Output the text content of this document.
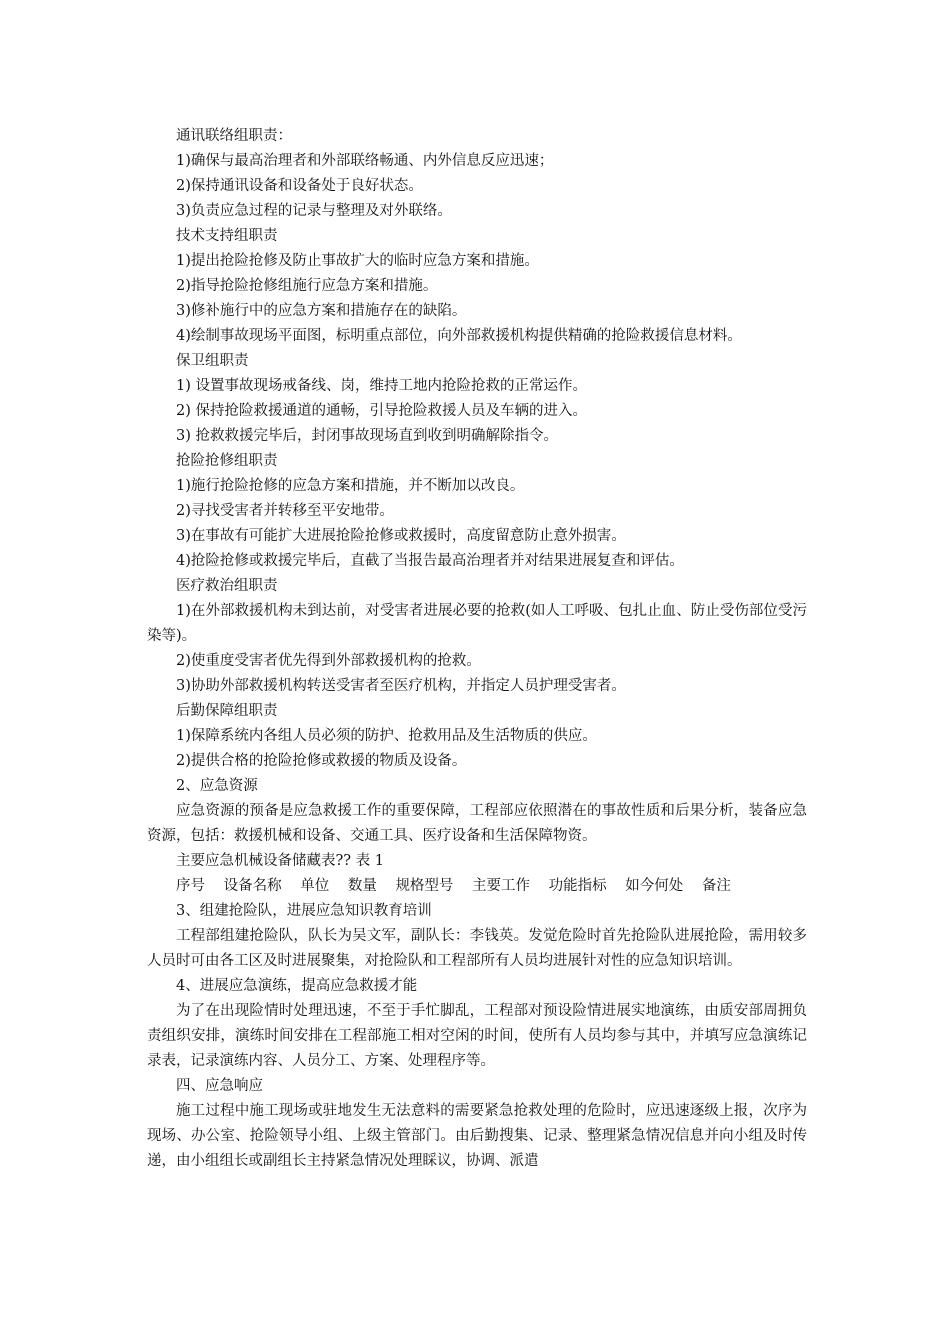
通讯联络组职责：

1)确保与最高治理者和外部联络畅通、内外信息反应迅速；

2)保持通讯设备和设备处于良好状态。

3)负责应急过程的记录与整理及对外联络。

技术支持组职责

1)提出抢险抢修及防止事故扩大的临时应急方案和措施。

2)指导抢险抢修组施行应急方案和措施。

3)修补施行中的应急方案和措施存在的缺陷。

4)绘制事故现场平面图，标明重点部位，向外部救援机构提供精确的抢险救援信息材料。

保卫组职责

1) 设置事故现场戒备线、岗，维持工地内抢险抢救的正常运作。

2) 保持抢险救援通道的通畅，引导抢险救援人员及车辆的进入。

3) 抢救救援完毕后，封闭事故现场直到收到明确解除指令。

抢险抢修组职责

1)施行抢险抢修的应急方案和措施，并不断加以改良。

2)寻找受害者并转移至平安地带。

3)在事故有可能扩大进展抢险抢修或救援时，高度留意防止意外损害。

4)抢险抢修或救援完毕后，直截了当报告最高治理者并对结果进展复查和评估。

医疗救治组职责

1)在外部救援机构未到达前，对受害者进展必要的抢救(如人工呼吸、包扎止血、防止受伤部位受污染等)。

2)使重度受害者优先得到外部救援机构的抢救。

3)协助外部救援机构转送受害者至医疗机构，并指定人员护理受害者。

后勤保障组职责

1)保障系统内各组人员必须的防护、抢救用品及生活物质的供应。

2)提供合格的抢险抢修或救援的物质及设备。

2、应急资源

应急资源的预备是应急救援工作的重要保障，工程部应依照潜在的事故性质和后果分析，装备应急资源，包括：救援机械和设备、交通工具、医疗设备和生活保障物资。

主要应急机械设备储藏表?? 表 1

序号 设备名称 单位 数量 规格型号 主要工作 功能指标 如今何处 备注

3、组建抢险队，进展应急知识教育培训

工程部组建抢险队，队长为吴文军，副队长：李钱英。发觉危险时首先抢险队进展抢险，需用较多人员时可由各工区及时进展聚集，对抢险队和工程部所有人员均进展针对性的应急知识培训。

4、进展应急演练，提高应急救援才能

为了在出现险情时处理迅速，不至于手忙脚乱，工程部对预设险情进展实地演练，由质安部周拥负责组织安排，演练时间安排在工程部施工相对空闲的时间，使所有人员均参与其中，并填写应急演练记录表，记录演练内容、人员分工、方案、处理程序等。

四、应急响应

施工过程中施工现场或驻地发生无法意料的需要紧急抢救处理的危险时，应迅速逐级上报，次序为现场、办公室、抢险领导小组、上级主管部门。由后勤搜集、记录、整理紧急情况信息并向小组及时传递，由小组组长或副组长主持紧急情况处理睬议，协调、派遣
